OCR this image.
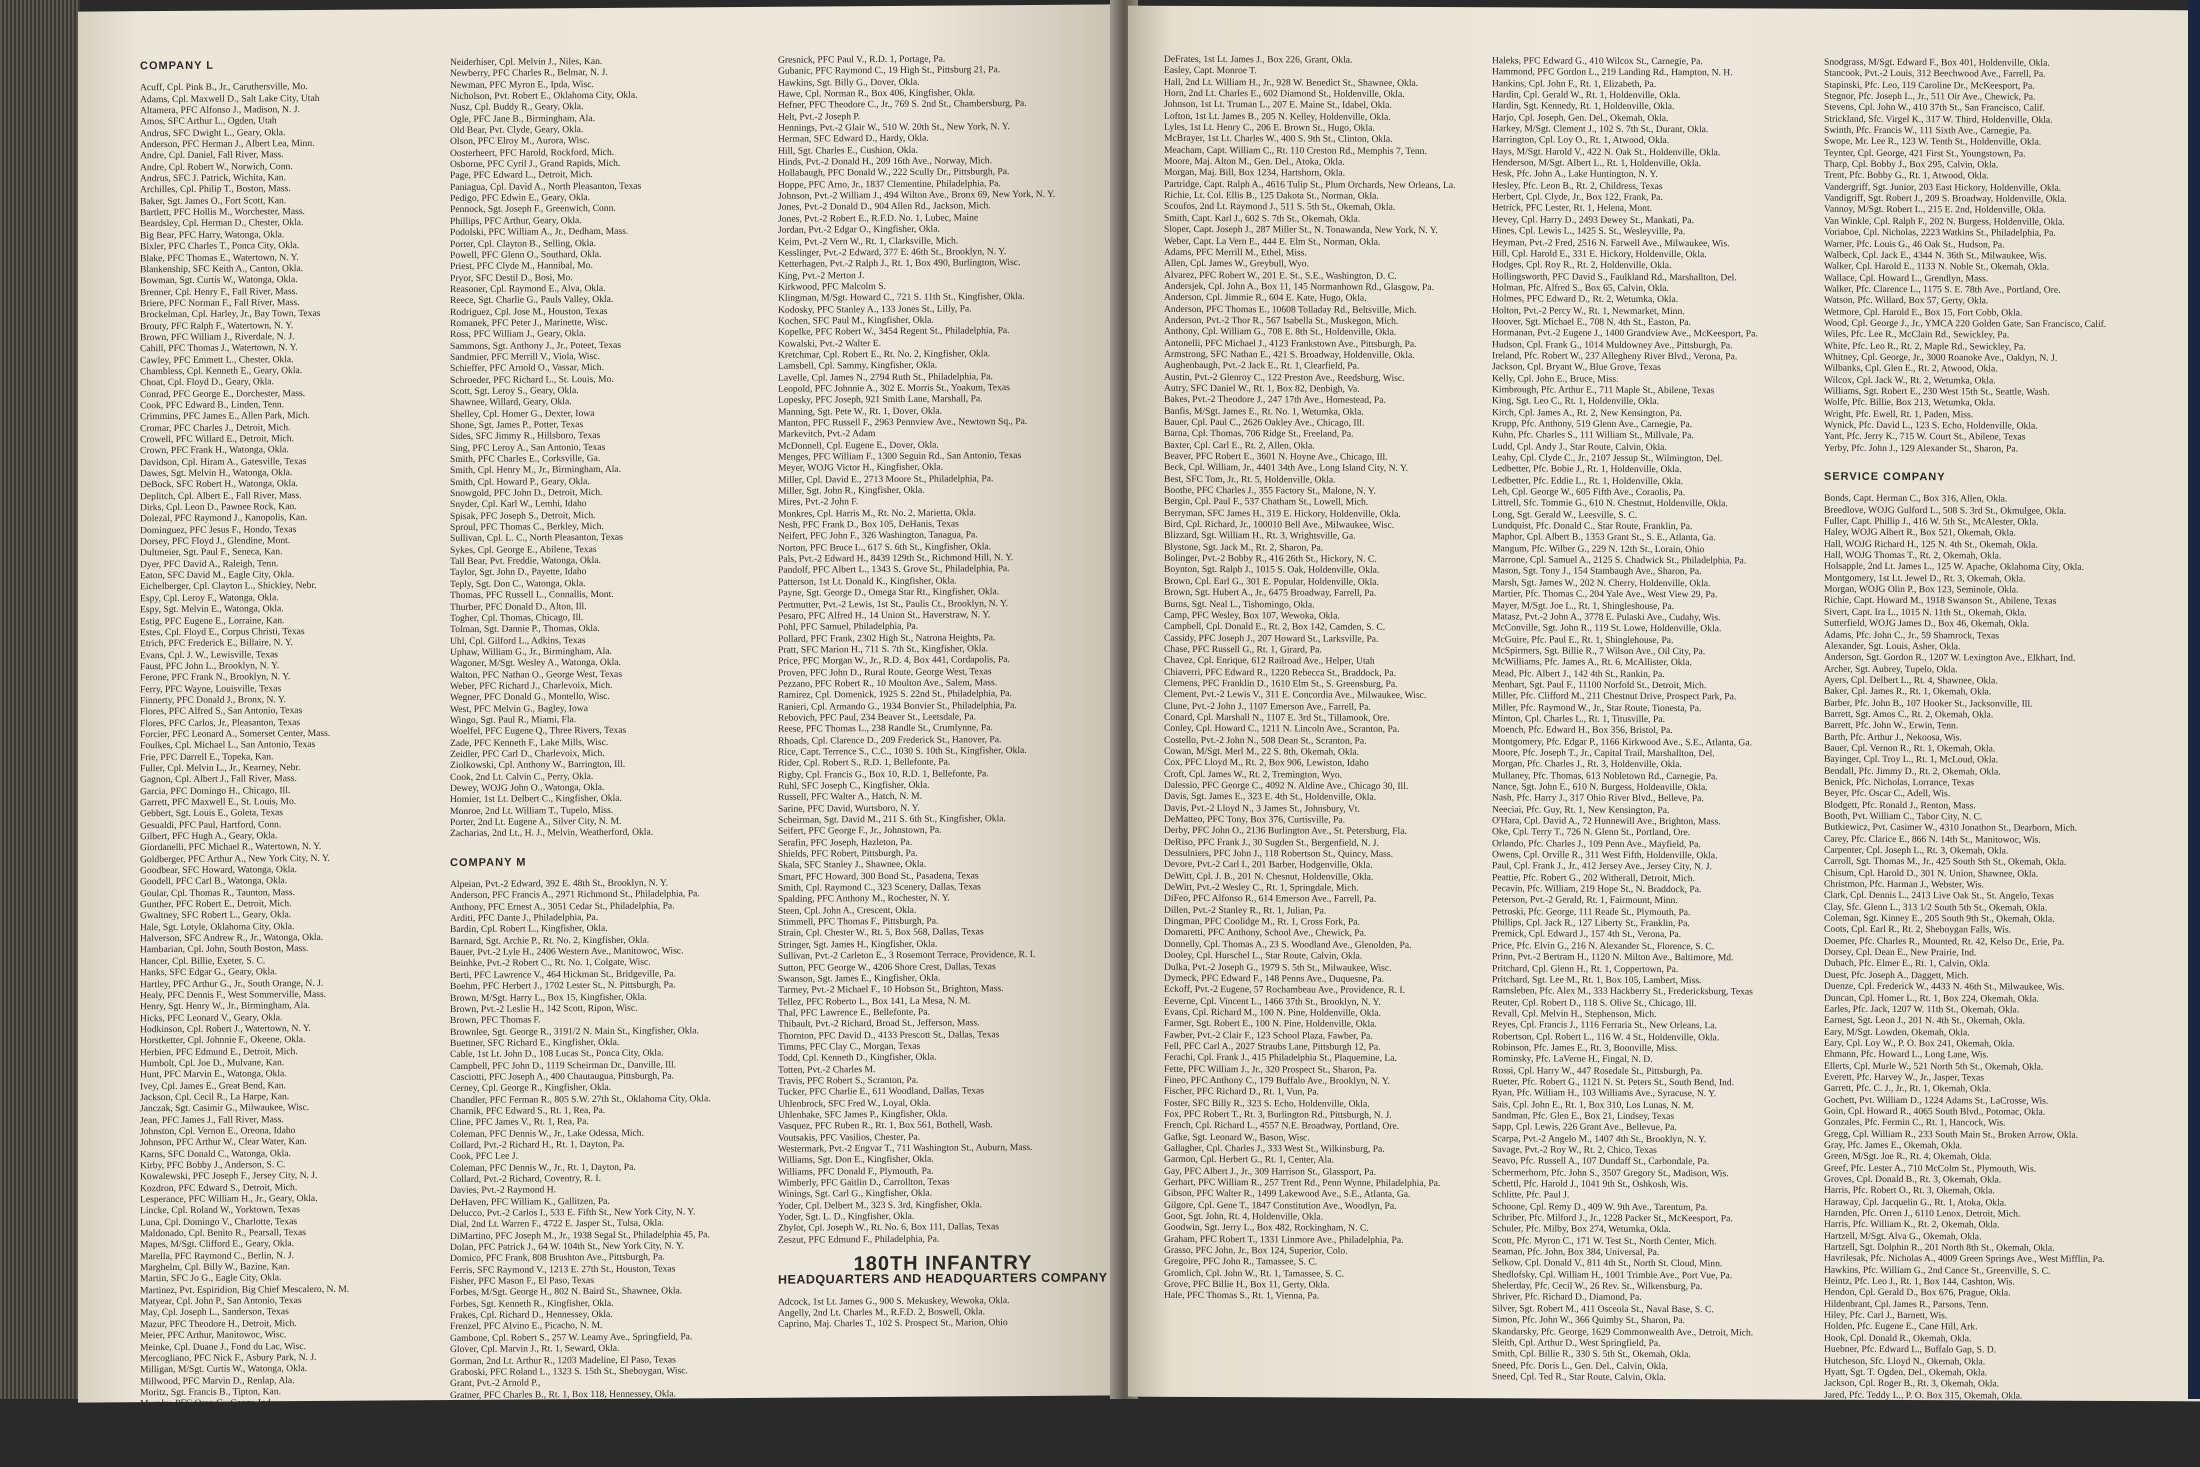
COMPANY L
Acuff, Cpl. Pink B., Jr., Caruthersville, Mo.
Adams, Cpl. Maxwell D., Salt Lake City, Utah
Altamera, PFC Alfonso J., Madison, N. J.
Amos, SFC Arthur L., Ogden, Utah
Andrus, SFC Dwight L., Geary, Okla.
Anderson, PFC Herman J., Albert Lea, Minn.
Andre, Cpl. Daniel, Fall River, Mass.
Andre, Cpl. Robert W., Norwich, Conn.
Andrus, SFC J. Patrick, Wichita, Kan.
Archilles, Cpl. Philip T., Boston, Mass.
Baker, Sgt. James O., Fort Scott, Kan.
Bartlett, PFC Hollis M., Worchester, Mass.
Beardsley, Cpl. Herman D., Chester, Okla.
Big Bear, PFC Harry, Watonga, Okla.
Bixler, PFC Charles T., Ponca City, Okla.
Blake, PFC Thomas E., Watertown, N. Y.
Blankenship, SFC Keith A., Canton, Okla.
Bowman, Sgt. Curtis W., Watonga, Okla.
Brenner, Cpl. Henry F., Fall River, Mass.
Briere, PFC Norman F., Fall River, Mass.
Brockelman, Cpl. Harley, Jr., Bay Town, Texas
Brouty, PFC Ralph F., Watertown, N. Y.
Brown, PFC William J., Riverdale, N. J.
Cahill, PFC Thomas J., Watertown, N. Y.
Cawley, PFC Emmett L., Chester, Okla.
Chambless, Cpl. Kenneth E., Geary, Okla.
Choat, Cpl. Floyd D., Geary, Okla.
Conrad, PFC George E., Dorchester, Mass.
Cook, PFC Edward B., Linden, Tenn.
Crimmins, PFC James E., Allen Park, Mich.
Cromar, PFC Charles J., Detroit, Mich.
Crowell, PFC Willard E., Detroit, Mich.
Crown, PFC Frank H., Watonga, Okla.
Davidson, Cpl. Hiram A., Gatesville, Texas
Dawes, Sgt. Melvin H., Watonga, Okla.
DeBock, SFC Robert H., Watonga, Okla.
Deplitch, Cpl. Albert E., Fall River, Mass.
Dirks, Cpl. Leon D., Pawnee Rock, Kan.
Dolezal, PFC Raymond J., Kanopolis, Kan.
Dominguez, PFC Jesus F., Hondo, Texas
Dorsey, PFC Floyd J., Glendine, Mont.
Dultmeier, Sgt. Paul F., Seneca, Kan.
Dyer, PFC David A., Raleigh, Tenn.
Eaton, SFC David M., Eagle City, Okla.
Eichelberger, Cpl. Clayton L., Shickley, Nebr.
Espy, Cpl. Leroy F., Watonga, Okla.
Espy, Sgt. Melvin E., Watonga, Okla.
Estig, PFC Eugene E., Lorraine, Kan.
Estes, Cpl. Floyd E., Corpus Christi, Texas
Etrich, PFC Frederick E., Billaire, N. Y.
Evans, Cpl. J. W., Lewisville, Texas
Faust, PFC John L., Brooklyn, N. Y.
Ferone, PFC Frank N., Brooklyn, N. Y.
Ferry, PFC Wayne, Louisville, Texas
Finnerty, PFC Donald J., Bronx, N. Y.
Flores, PFC Alfred S., San Antonio, Texas
Flores, PFC Carlos, Jr., Pleasanton, Texas
Forcier, PFC Leonard A., Somerset Center, Mass.
Foulkes, Cpl. Michael L., San Antonio, Texas
Frie, PFC Darrell E., Topeka, Kan.
Fuller, Cpl. Melvin L., Jr., Kearney, Nebr.
Gagnon, Cpl. Albert J., Fall River, Mass.
Garcia, PFC Domingo H., Chicago, Ill.
Garrett, PFC Maxwell E., St. Louis, Mo.
Gebbert, Sgt. Louis E., Goleta, Texas
Gesualdi, PFC Paul, Hartford, Conn.
Gilbert, PFC Hugh A., Geary, Okla.
Giordanelli, PFC Michael R., Watertown, N. Y.
Goldberger, PFC Arthur A., New York City, N. Y.
Goodbear, SFC Howard, Watonga, Okla.
Goodell, PFC Carl B., Watonga, Okla.
Goular, Cpl. Thomas R., Taunton, Mass.
Gunther, PFC Robert E., Detroit, Mich.
Gwaltney, SFC Robert L., Geary, Okla.
Hale, Sgt. Lotyle, Oklahoma City, Okla.
Halverson, SFC Andrew R., Jr., Watonga, Okla.
Hambarian, Cpl. John, South Boston, Mass.
Hancer, Cpl. Billie, Exeter, S. C.
Hanks, SFC Edgar G., Geary, Okla.
Hartley, PFC Arthur G., Jr., South Orange, N. J.
Healy, PFC Dennis F., West Sommerville, Mass.
Henry, Sgt. Henry W., Jr., Birmingham, Ala.
Hicks, PFC Leonard V., Geary, Okla.
Hodkinson, Cpl. Robert J., Watertown, N. Y.
Horstketter, Cpl. Johnnie F., Okeene, Okla.
Herbien, PFC Edmund E., Detroit, Mich.
Humbolt, Cpl. Joe D., Mulvane, Kan.
Hunt, PFC Marvin E., Watonga, Okla.
Ivey, Cpl. James E., Great Bend, Kan.
Jackson, Cpl. Cecil R., La Harpe, Kan.
Janczak, Sgt. Casimir G., Milwaukee, Wisc.
Jean, PFC James J., Fall River, Mass.
Johnston, Cpl. Vernon E., Oreona, Idaho
Johnson, PFC Arthur W., Clear Water, Kan.
Karns, SFC Donald C., Watonga, Okla.
Kirby, PFC Bobby J., Anderson, S. C.
Kowalewski, PFC Joseph F., Jersey City, N. J.
Kozdron, PFC Edward S., Detroit, Mich.
Lesperance, PFC William H., Jr., Geary, Okla.
Lincke, Cpl. Roland W., Yorktown, Texas
Luna, Cpl. Domingo V., Charlotte, Texas
Maldonado, Cpl. Benito R., Pearsall, Texas
Mapes, M/Sgt. Clifford E., Geary, Okla.
Marella, PFC Raymond C., Berlin, N. J.
Marghelm, Cpl. Billy W., Bazine, Kan.
Martin, SFC Jo G., Eagle City, Okla.
Martinez, Pvt. Espiridion, Big Chief Mescalero, N. M.
Matyear, Cpl. John P., San Antonio, Texas
May, Cpl. Joseph L., Sanderson, Texas
Mazur, PFC Theodore H., Detroit, Mich.
Meier, PFC Arthur, Manitowoc, Wisc.
Meinke, Cpl. Duane J., Fond du Lac, Wisc.
Mercogliano, PFC Nick F., Asbury Park, N. J.
Milligan, M/Sgt. Curtis W., Watonga, Okla.
Millwood, PFC Marvin D., Renlap, Ala.
Moritz, Sgt. Francis B., Tipton, Kan.
Murphy, PFC Oran G., Geary, Ind.
McAfee, SFC William K., Royal Oaks, Mich.
McCarthy, PFC Vernon G., Oxford, Wisc.
McParland, Cpl. Bernard J., Manchester, Conn.
McPherson, PFC Milton M., Beatrice, Ala.
McWilliams, Cpl. Glenn L., Hondo, Texas
Neiderhiser, Cpl. Melvin J., Niles, Kan.
Newberry, PFC Charles R., Belmar, N. J.
Newman, PFC Myron E., Ipda, Wisc.
Nicholson, Pvt. Robert E., Oklahoma City, Okla.
Nusz, Cpl. Buddy R., Geary, Okla.
Ogle, PFC Jane B., Birmingham, Ala.
Old Bear, Pvt. Clyde, Geary, Okla.
Olson, PFC Elroy M., Aurora, Wisc.
Oosterheert, PFC Harold, Rockford, Mich.
Osborne, PFC Cyril J., Grand Rapids, Mich.
Page, PFC Edward L., Detroit, Mich.
Paniagua, Cpl. David A., North Pleasanton, Texas
Pedigo, PFC Edwin E., Geary, Okla.
Pennock, Sgt. Joseph F., Greenwich, Conn.
Phillips, PFC Arthur, Geary, Okla.
Podolski, PFC William A., Jr., Dedham, Mass.
Porter, Cpl. Clayton B., Selling, Okla.
Powell, PFC Glenn O., Southard, Okla.
Priest, PFC Clyde M., Hannibal, Mo.
Pryor, SFC Destil D., Bosi, Mo.
Reasoner, Cpl. Raymond E., Alva, Okla.
Reece, Sgt. Charlie G., Pauls Valley, Okla.
Rodriguez, Cpl. Jose M., Houston, Texas
Romanek, PFC Peter J., Marinette, Wisc.
Ross, PFC William J., Geary, Okla.
Sammons, Sgt. Anthony J., Jr., Poteet, Texas
Sandmier, PFC Merrill V., Viola, Wisc.
Schieffer, PFC Arnold O., Vassar, Mich.
Schroeder, PFC Richard L., St. Louis, Mo.
Scott, Sgt. Leroy S., Geary, Okla.
Shawnee, Willard, Geary, Okla.
Shelley, Cpl. Homer G., Dexter, Iowa
Shone, Sgt. James P., Potter, Texas
Sides, SFC Jimmy R., Hillsboro, Texas
Sing, PFC Leroy A., San Antonio, Texas
Smith, PFC Charles E., Corksville, Ga.
Smith, Cpl. Henry M., Jr., Birmingham, Ala.
Smith, Cpl. Howard P., Geary, Okla.
Snowgold, PFC John D., Detroit, Mich.
Snyder, Cpl. Karl W., Lemhi, Idaho
Spisak, PFC Joseph S., Detroit, Mich.
Sproul, PFC Thomas C., Berkley, Mich.
Sullivan, Cpl. L. C., North Pleasanton, Texas
Sykes, Cpl. George E., Abilene, Texas
Tall Bear, Pvt. Freddie, Watonga, Okla.
Taylor, Sgt. John D., Payette, Idaho
Teply, Sgt. Don C., Watonga, Okla.
Thomas, PFC Russell L., Connallis, Mont.
Thurber, PFC Donald D., Alton, Ill.
Togher, Cpl. Thomas, Chicago, Ill.
Tolman, Sgt. Dannie P., Thomas, Okla.
Uhl, Cpl. Gilford L., Adkins, Texas
Uphaw, William G., Jr., Birmingham, Ala.
Wagoner, M/Sgt. Wesley A., Watonga, Okla.
Walton, PFC Nathan O., George West, Texas
Weber, PFC Richard J., Charlevoix, Mich.
Wegner, PFC Donald G., Montello, Wisc.
West, PFC Melvin G., Bagley, Iowa
Wingo, Sgt. Paul R., Miami, Fla.
Woelfel, PFC Eugene Q., Three Rivers, Texas
Zade, PFC Kenneth F., Lake Mills, Wisc.
Zeidler, PFC Carl D., Charlevoix, Mich.
Ziolkowski, Cpl. Anthony W., Barrington, Ill.
Cook, 2nd Lt. Calvin C., Perry, Okla.
Dewey, WOJG John O., Watonga, Okla.
Homier, 1st Lt. Delbert C., Kingfisher, Okla.
Monroe, 2nd Lt. William T., Tupelo, Miss.
Porter, 2nd Lt. Eugene A., Silver City, N. M.
Zacharias, 2nd Lt., H. J., Melvin, Weatherford, Okla.
COMPANY M
Alpeian, Pvt.-2 Edward, 392 E. 48th St., Brooklyn, N. Y.
Anderson, PFC Francis A., 2971 Richmond St., Philadelphia, Pa.
Anthony, PFC Ernest A., 3051 Cedar St., Philadelphia, Pa.
Arditi, PFC Dante J., Philadelphia, Pa.
Bardin, Cpl. Robert L., Kingfisher, Okla.
Barnard, Sgt. Archie P., Rt. No. 2, Kingfisher, Okla.
Bauer, Pvt.-2 Lyle H., 2406 Western Ave., Manitowoc, Wisc.
Beinhke, Pvt.-2 Robert C., Rt. No. 1, Colgate, Wisc.
Berti, PFC Lawrence V., 464 Hickman St., Bridgeville, Pa.
Boehm, PFC Herbert J., 1702 Lester St., N. Pittsburgh, Pa.
Brown, M/Sgt. Harry L., Box 15, Kingfisher, Okla.
Brown, Pvt.-2 Leslie H., 142 Scott, Ripon, Wisc.
Brown, PFC Thomas F.
Brownlee, Sgt. George R., 3191/2 N. Main St., Kingfisher, Okla.
Buettner, SFC Richard E., Kingfisher, Okla.
Cable, 1st Lt. John D., 108 Lucas St., Ponca City, Okla.
Campbell, PFC John D., 1119 Scheirman Dr., Danville, Ill.
Casciotti, PFC Joseph A., 400 Chautaugua, Pittsburgh, Pa.
Cerney, Cpl. George R., Kingfisher, Okla.
Chandler, PFC Ferman R., 805 S.W. 27th St., Oklahoma City, Okla.
Charnik, PFC Edward S., Rt. 1, Rea, Pa.
Cline, PFC James V., Rt. 1, Rea, Pa.
Coleman, PFC Dennis W., Jr., Lake Odessa, Mich.
Collard, Pvt.-2 Richard H., Rt. 1, Dayton, Pa.
Cook, PFC Lee J.
Coleman, PFC Dennis W., Jr., Rt. 1, Dayton, Pa.
Collard, Pvt.-2 Richard, Coventry, R. I.
Davies, Pvt.-2 Raymond H.
DeHaven, PFC William K., Gallitzen, Pa.
Delucco, Pvt.-2 Carlos I., 533 E. Fifth St., New York City, N. Y.
Dial, 2nd Lt. Warren F., 4722 E. Jasper St., Tulsa, Okla.
DiMartino, PFC Joseph M., Jr., 1938 Segal St., Philadelphia 45, Pa.
Dolan, PFC Patrick J., 64 W. 104th St., New York City, N. Y.
Domico, PFC Frank, 808 Brushton Ave., Pittsburgh, Pa.
Ferris, SFC Raymond V., 1213 E. 27th St., Houston, Texas
Fisher, PFC Mason F., El Paso, Texas
Forbes, M/Sgt. George H., 802 N. Baird St., Shawnee, Okla.
Forbes, Sgt. Kenneth R., Kingfisher, Okla.
Frakes, Cpl. Richard D., Hennessey, Okla.
Frenzel, PFC Alvino E., Picacho, N. M.
Gambone, Cpl. Robert S., 257 W. Leamy Ave., Springfield, Pa.
Glover, Cpl. Marvin J., Rt. 1, Seward, Okla.
Gorman, 2nd Lt. Arthur R., 1203 Madeline, El Paso, Texas
Graboski, PFC Roland L., 1323 S. 15th St., Sheboygan, Wisc.
Grant, Pvt.-2 Arnold P.,
Gratner, PFC Charles B., Rt. 1, Box 118, Hennessey, Okla.
Green, Pvt.-2 Clifford L., Rt. 2, Waupaca, Wisc.
Green, Pvt.-2 Richard R.
Gresnick, PFC Paul V., R.D. 1, Portage, Pa.
Gubanic, PFC Raymond C., 19 High St., Pittsburg 21, Pa.
Hawkins, Sgt. Billy G., Dover, Okla.
Hawe, Cpl. Norman R., Box 406, Kingfisher, Okla.
Hefner, PFC Theodore C., Jr., 769 S. 2nd St., Chambersburg, Pa.
Helt, Pvt.-2 Joseph P.
Hennings, Pvt.-2 Glair W., 510 W. 20th St., New York, N. Y.
Herman, SFC Edward D., Hardy, Okla.
Hill, Sgt. Charles E., Cushion, Okla.
Hinds, Pvt.-2 Donald H., 209 16th Ave., Norway, Mich.
Hollabaugh, PFC Donald W., 222 Scully Dr., Pittsburgh, Pa.
Hoppe, PFC Arno, Jr., 1837 Clementine, Philadelphia, Pa.
Johnson, Pvt.-2 William J., 494 Wilton Ave., Bronx 69, New York, N. Y.
Jones, Pvt.-2 Donald D., 904 Allen Rd., Jackson, Mich.
Jones, Pvt.-2 Robert E., R.F.D. No. 1, Lubec, Maine
Jordan, Pvt.-2 Edgar O., Kingfisher, Okla.
Keim, Pvt.-2 Vern W., Rt. 1, Clarksville, Mich.
Kesslinger, Pvt.-2 Edward, 377 E. 46th St., Brooklyn, N. Y.
Ketterhagen, Pvt.-2 Ralph J., Rt. 1, Box 490, Burlington, Wisc.
King, Pvt.-2 Merton J.
Kirkwood, PFC Malcolm S.
Klingman, M/Sgt. Howard C., 721 S. 11th St., Kingfisher, Okla.
Kodosky, PFC Stanley A., 133 Jones St., Lilly, Pa.
Kochen, SFC Paul M., Kingfisher, Okla.
Kopelke, PFC Robert W., 3454 Regent St., Philadelphia, Pa.
Kowalski, Pvt.-2 Walter E.
Kretchmar, Cpl. Robert E., Rt. No. 2, Kingfisher, Okla.
Lamsbell, Cpl. Sammy, Kingfisher, Okla.
Lavelle, Cpl. James N., 2794 Ruth St., Philadelphia, Pa.
Leopold, PFC Johnnie A., 302 E. Morris St., Yoakum, Texas
Lopesky, PFC Joseph, 921 Smith Lane, Marshall, Pa.
Manning, Sgt. Pete W., Rt. 1, Dover, Okla.
Manton, PFC Russell F., 2963 Pennview Ave., Newtown Sq., Pa.
Markevitch, Pvt.-2 Adam
McDonnell, Cpl. Eugene E., Dover, Okla.
Menges, PFC William F., 1300 Seguin Rd., San Antonio, Texas
Meyer, WOJG Victor H., Kingfisher, Okla.
Miller, Cpl. David E., 2713 Moore St., Philadelphia, Pa.
Miller, Sgt. John R., Kingfisher, Okla.
Mires, Pvt.-2 John F.
Monkres, Cpl. Harris M., Rt. No. 2, Marietta, Okla.
Nesh, PFC Frank D., Box 105, DeHanis, Texas
Neifert, PFC John F., 326 Washington, Tanagua, Pa.
Norton, PFC Bruce L., 617 S. 6th St., Kingfisher, Okla.
Pals, Pvt.-2 Edward H., 8439 129th St., Richmond Hill, N. Y.
Pandolf, PFC Albert L., 1343 S. Grove St., Philadelphia, Pa.
Patterson, 1st Lt. Donald K., Kingfisher, Okla.
Payne, Sgt. George D., Omega Star Rt., Kingfisher, Okla.
Pertmutter, Pvt.-2 Lewis, 1st St., Paulis Ct., Brooklyn, N. Y.
Pesaro, PFC Alfred H., 14 Union St., Haverstraw, N. Y.
Pohl, PFC Samuel, Philadelphia, Pa.
Pollard, PFC Frank, 2302 High St., Natrona Heights, Pa.
Pratt, SFC Marion H., 711 S. 7th St., Kingfisher, Okla.
Price, PFC Morgan W., Jr., R.D. 4, Box 441, Cordapolis, Pa.
Proven, PFC John D., Rural Route, George West, Texas
Pezzano, PFC Robert R., 10 Moulton Ave., Salem, Mass.
Ramirez, Cpl. Domenick, 1925 S. 22nd St., Philadelphia, Pa.
Ranieri, Cpl. Armando G., 1934 Bonvier St., Philadelphia, Pa.
Rebovich, PFC Paul, 234 Beaver St., Leetsdale, Pa.
Reese, PFC Thomas L., 238 Randle St., Crumlynne, Pa.
Rhoads, Cpl. Clarence D., 209 Frederick St., Hanover, Pa.
Rice, Capt. Terrence S., C.C., 1030 S. 10th St., Kingfisher, Okla.
Rider, Cpl. Robert S., R.D. 1, Bellefonte, Pa.
Rigby, Cpl. Francis G., Box 10, R.D. 1, Bellefonte, Pa.
Ruhl, SFC Joseph C., Kingfisher, Okla.
Russell, PFC Walter A., Hatch, N. M.
Sarine, PFC David, Wurtsboro, N. Y.
Scheirman, Sgt. David M., 211 S. 6th St., Kingfisher, Okla.
Seifert, PFC George F., Jr., Johnstown, Pa.
Serafin, PFC Joseph, Hazleton, Pa.
Shields, PFC Robert, Pittsburgh, Pa.
Skala, SFC Stanley J., Shawnee, Okla.
Smart, PFC Howard, 300 Bond St., Pasadena, Texas
Smith, Cpl. Raymond C., 323 Scenery, Dallas, Texas
Spalding, PFC Anthony M., Rochester, N. Y.
Steen, Cpl. John A., Crescent, Okla.
Stimmell, PFC Thomas F., Pittsburgh, Pa.
Strain, Cpl. Chester W., Rt. 5, Box 568, Dallas, Texas
Stringer, Sgt. James H., Kingfisher, Okla.
Sullivan, Pvt.-2 Carleton E., 3 Rosemont Terrace, Providence, R. I.
Sutton, PFC George W., 4206 Shore Crest, Dallas, Texas
Swanson, Sgt. James E., Kingfisher, Okla.
Tarmey, Pvt.-2 Michael F., 10 Hobson St., Brighton, Mass.
Tellez, PFC Roberto L., Box 141, La Mesa, N. M.
Thal, PFC Lawrence E., Bellefonte, Pa.
Thibault, Pvt.-2 Richard, Broad St., Jefferson, Mass.
Thornton, PFC David D., 4133 Prescott St., Dallas, Texas
Timms, PFC Clay C., Morgan, Texas
Todd, Cpl. Kenneth D., Kingfisher, Okla.
Totten, Pvt.-2 Charles M.
Travis, PFC Robert S., Scranton, Pa.
Tucker, PFC Charlie E., 611 Woodland, Dallas, Texas
Uhlenbrock, SFC Fred W., Loyal, Okla.
Uhlenhake, SFC James P., Kingfisher, Okla.
Vasquez, PFC Ruben R., Rt. 1, Box 561, Bothell, Wash.
Voutsakis, PFC Vasilios, Chester, Pa.
Westermark, Pvt.-2 Engvar T., 711 Washington St., Auburn, Mass.
Williams, Sgt. Don E., Kingfisher, Okla.
Williams, PFC Donald F., Plymouth, Pa.
Wimberly, PFC Gaitlin D., Carrollton, Texas
Winings, Sgt. Carl G., Kingfisher, Okla.
Yoder, Cpl. Delbert M., 323 S. 3rd, Kingfisher, Okla.
Yoder, Sgt. L. D., Kingfisher, Okla.
Zbylot, Cpl. Joseph W., Rt. No. 6, Box 111, Dallas, Texas
Zeszut, PFC Edmund F., Philadelphia, Pa.
180TH INFANTRY
HEADQUARTERS AND HEADQUARTERS COMPANY
Adcock, 1st Lt. James G., 900 S. Mekuskey, Wewoka, Okla.
Angelly, 2nd Lt. Charles M., R.F.D. 2, Boswell, Okla.
Caprino, Maj. Charles T., 102 S. Prospect St., Marion, Ohio
DeFrates, 1st Lt. James J., Box 226, Grant, Okla.
Easley, Capt. Monroe T.
Hall, 2nd Lt. William H., Jr., 928 W. Benedict St., Shawnee, Okla.
Horn, 2nd Lt. Charles E., 602 Diamond St., Holdenville, Okla.
Johnson, 1st Lt. Truman L., 207 E. Maine St., Idabel, Okla.
Lofton, 1st Lt. James B., 205 N. Kelley, Holdenville, Okla.
Lyles, 1st Lt. Henry C., 206 E. Brown St., Hugo, Okla.
McBrayer, 1st Lt. Charles W., 400 S. 9th St., Clinton, Okla.
Meacham, Capt. William C., Rt. 110 Creston Rd., Memphis 7, Tenn.
Moore, Maj. Alton M., Gen. Del., Atoka, Okla.
Morgan, Maj. Bill, Box 1234, Hartshorn, Okla.
Partridge, Capt. Ralph A., 4616 Tulip St., Plum Orchards, New Orleans, La.
Richie, Lt. Col. Ellis B., 125 Dakota St., Norman, Okla.
Scoufos, 2nd Lt. Raymond J., 511 S. 5th St., Okemah, Okla.
Smith, Capt. Karl J., 602 S. 7th St., Okemah, Okla.
Sloper, Capt. Joseph J., 287 Miller St., N. Tonawanda, New York, N. Y.
Weber, Capt. La Vern E., 444 E. Elm St., Norman, Okla.
Adams, PFC Merrill M., Ethel, Miss.
Allen, Cpl. James W., Greybull, Wyo.
Alvarez, PFC Robert W., 201 E. St., S.E., Washington, D. C.
Andersjek, Cpl. John A., Box 11, 145 Normanhown Rd., Glasgow, Pa.
Anderson, Cpl. Jimmie R., 604 E. Kate, Hugo, Okla.
Anderson, PFC Thomas E., 10608 Tolladay Rd., Beltsville, Mich.
Anderson, Pvt.-2 Thor R., 567 Isabella St., Muskegon, Mich.
Anthony, Cpl. William G., 708 E. 8th St., Holdenville, Okla.
Antonelli, PFC Michael J., 4123 Frankstown Ave., Pittsburgh, Pa.
Armstrong, SFC Nathan E., 421 S. Broadway, Holdenville, Okla.
Aughenbaugh, Pvt.-2 Jack E., Rt. 1, Clearfield, Pa.
Austin, Pvt.-2 Glenroy C., 122 Preston Ave., Reedsburg, Wisc.
Autry, SFC Daniel W., Rt. 1, Box 82, Denbigh, Va.
Bakes, Pvt.-2 Theodore J., 247 17th Ave., Homestead, Pa.
Banfis, M/Sgt. James E., Rt. No. 1, Wetumka, Okla.
Bauer, Cpl. Paul C., 2626 Oakley Ave., Chicago, Ill.
Barna, Cpl. Thomas, 706 Ridge St., Freeland, Pa.
Baxter, Cpl. Carl E., Rt. 2, Allen, Okla.
Beaver, PFC Robert E., 3601 N. Hoyne Ave., Chicago, Ill.
Beck, Cpl. William, Jr., 4401 34th Ave., Long Island City, N. Y.
Best, SFC Tom, Jr., Rt. 5, Holdenville, Okla.
Boothe, PFC Charles J., 355 Factory St., Malone, N. Y.
Bergin, Cpl. Paul F., 537 Chatham St., Lowell, Mich.
Berryman, SFC James H., 319 E. Hickory, Holdenville, Okla.
Bird, Cpl. Richard, Jr., 100010 Bell Ave., Milwaukee, Wisc.
Blizzard, Sgt. William H., Rt. 3, Wrightsville, Ga.
Blystone, Sgt. Jack M., Rt. 2, Sharon, Pa.
Bolinger, Pvt.-2 Bobby R., 416 26th St., Hickory, N. C.
Boynton, Sgt. Ralph J., 1015 S. Oak, Holdenville, Okla.
Brown, Cpl. Earl G., 301 E. Popular, Holdenville, Okla.
Brown, Sgt. Hubert A., Jr., 6475 Broadway, Farrell, Pa.
Burns, Sgt. Neal L., Tishomingo, Okla.
Camp, PFC Wesley, Box 107, Wewoka, Okla.
Campbell, Cpl. Donald E., Rt. 2, Box 142, Camden, S. C.
Cassidy, PFC Joseph J., 207 Howard St., Larksville, Pa.
Chase, PFC Russell G., Rt. 1, Girard, Pa.
Chavez, Cpl. Enrique, 612 Railroad Ave., Helper, Utah
Chiaverri, PFC Edward R., 1220 Rebecca St., Braddock, Pa.
Clemens, PFC Franklin D., 1610 Elm St., S. Greensburg, Pa.
Clement, Pvt.-2 Lewis V., 311 E. Concordia Ave., Milwaukee, Wisc.
Clune, Pvt.-2 John J., 1107 Emerson Ave., Farrell, Pa.
Conard, Cpl. Marshall N., 1107 E. 3rd St., Tillamook, Ore.
Conley, Cpl. Howard C., 1211 N. Lincoln Ave., Scranton, Pa.
Costello, Pvt.-2 John N., 508 Dean St., Scranton, Pa.
Cowan, M/Sgt. Merl M., 22 S. 8th, Okemah, Okla.
Cox, PFC Lloyd M., Rt. 2, Box 906, Lewiston, Idaho
Croft, Cpl. James W., Rt. 2, Tremington, Wyo.
Dalessio, PFC George C., 4092 N. Aldine Ave., Chicago 30, Ill.
Davis, Sgt. James E., 323 E. 4th St., Holdenville, Okla.
Davis, Pvt.-2 Lloyd N., 3 James St., Johnsbury, Vt.
DeMatteo, PFC Tony, Box 376, Curtisville, Pa.
Derby, PFC John O., 2136 Burlington Ave., St. Petersburg, Fla.
DeRiso, PFC Frank J., 30 Sugden St., Bergenfield, N. J.
Dessulniers, PFC John J., 118 Robertson St., Quincy, Mass.
Devore, Pvt.-2 Carl I., 201 Barber, Hodgenville, Okla.
DeWitt, Cpl. J. B., 201 N. Chesnut, Holdenville, Okla.
DeWitt, Pvt.-2 Wesley C., Rt. 1, Springdale, Mich.
DiFeo, PFC Alfonso R., 614 Emerson Ave., Farrell, Pa.
Dillen, Pvt.-2 Stanley R., Rt. 1, Julian, Pa.
Dingman, PFC Coolidge M., Rt. 1, Cross Fork, Pa.
Domaretti, PFC Anthony, School Ave., Chewick, Pa.
Donnelly, Cpl. Thomas A., 23 S. Woodland Ave., Glenolden, Pa.
Dooley, Cpl. Hurschel L., Star Route, Calvin, Okla.
Dulka, Pvt.-2 Joseph G., 1979 S. 5th St., Milwaukee, Wisc.
Dymeck, PFC Edward F., 148 Penns Ave., Duquesne, Pa.
Eckoff, Pvt.-2 Eugene, 57 Rochambeau Ave., Providence, R. I.
Eeverne, Cpl. Vincent L., 1466 37th St., Brooklyn, N. Y.
Evans, Cpl. Richard M., 100 N. Pine, Holdenville, Okla.
Farmer, Sgt. Robert E., 100 N. Pine, Holdenville, Okla.
Fawber, Pvt.-2 Clair F., 123 School Plaza, Fawber, Pa.
Fell, PFC Carl A., 2027 Straubs Lane, Pittsburgh 12, Pa.
Ferachi, Cpl. Frank J., 415 Philadelphia St., Plaquemine, La.
Fette, PFC William J., Jr., 320 Prospect St., Sharon, Pa.
Fineo, PFC Anthony C., 179 Buffalo Ave., Brooklyn, N. Y.
Fischer, PFC Richard D., Rt. 1, Vun, Pa.
Foster, SFC Billy R., 323 S. Echo, Holdenville, Okla.
Fox, PFC Robert T., Rt. 3, Burlington Rd., Pittsburgh, N. J.
French, Cpl. Richard L., 4557 N.E. Broadway, Portland, Ore.
Gafke, Sgt. Leonard W., Bason, Wisc.
Gallagher, Cpl. Charles J., 333 West St., Wilkinsburg, Pa.
Garmon, Cpl. Herbert G., Rt. 1, Center, Ala.
Gay, PFC Albert J., Jr., 309 Harrison St., Glassport, Pa.
Gerhart, PFC William R., 257 Trent Rd., Penn Wynne, Philadelphia, Pa.
Gibson, PFC Walter R., 1499 Lakewood Ave., S.E., Atlanta, Ga.
Gilgore, Cpl. Gene T., 1847 Constitution Ave., Woodlyn, Pa.
Goot, Sgt. John, Rt. 4, Holdenville, Okla.
Goodwin, Sgt. Jerry L., Box 482, Rockingham, N. C.
Graham, PFC Robert T., 1331 Linmore Ave., Philadelphia, Pa.
Grasso, PFC John, Jr., Box 124, Superior, Colo.
Gregoire, PFC John R., Tamassee, S. C.
Gromlich, Cpl. John W., Rt. 1, Tamassee, S. C.
Grove, PFC Billie H., Box 11, Gerty, Okla.
Hale, PFC Thomas S., Rt. 1, Vienna, Pa.
Haleks, PFC Edward G., 410 Wilcox St., Carnegie, Pa.
Hammond, PFC Gordon L., 219 Landing Rd., Hampton, N. H.
Hankins, Cpl. John F., Rt. 1, Elizabeth, Pa.
Hardin, Cpl. Gerald W., Rt. 1, Holdenville, Okla.
Hardin, Sgt. Kennedy, Rt. 1, Holdenville, Okla.
Harjo, Cpl. Joseph, Gen. Del., Okemah, Okla.
Harkey, M/Sgt. Clement J., 102 S. 7th St., Durant, Okla.
Harrington, Cpl. Loy O., Rt. 1, Atwood, Okla.
Hays, M/Sgt. Harold V., 422 N. Oak St., Holdenville, Okla.
Henderson, M/Sgt. Albert L., Rt. 1, Holdenville, Okla.
Hesk, Pfc. John A., Lake Huntington, N. Y.
Hesley, Pfc. Leon B., Rt. 2, Childress, Texas
Herbert, Cpl. Clyde, Jr., Box 122, Frank, Pa.
Hetrick, PFC Lester, Rt. 1, Helena, Mont.
Hevey, Cpl. Harry D., 2493 Dewey St., Mankati, Pa.
Hines, Cpl. Lewis L., 1425 S. St., Wesleyville, Pa.
Heyman, Pvt.-2 Fred, 2516 N. Farwell Ave., Milwaukee, Wis.
Hill, Cpl. Harold E., 331 E. Hickory, Holdenville, Okla.
Hodges, Cpl. Roy R., Rt. 2, Holdenville, Okla.
Hollingsworth, PFC David S., Faulkland Rd., Marshallton, Del.
Holman, Pfc. Alfred S., Box 65, Calvin, Okla.
Holmes, PFC Edward D., Rt. 2, Wetumka, Okla.
Holton, Pvt.-2 Percy W., Rt. 1, Newmarket, Minn.
Hoover, Sgt. Michael E., 708 N. 4th St., Easton, Pa.
Hormanan, Pvt.-2 Eugene J., 1400 Grandview Ave., McKeesport, Pa.
Hudson, Cpl. Frank G., 1014 Muldowney Ave., Pittsburgh, Pa.
Ireland, Pfc. Robert W., 237 Allegheny River Blvd., Verona, Pa.
Jackson, Cpl. Bryant W., Blue Grove, Texas
Kelly, Cpl. John E., Bruce, Miss.
Kimbrough, Pfc. Arthur E., 711 Maple St., Abilene, Texas
King, Sgt. Leo C., Rt. 1, Holdenville, Okla.
Kirch, Cpl. James A., Rt. 2, New Kensington, Pa.
Krupp, Pfc. Anthony, 519 Glenn Ave., Carnegie, Pa.
Kuhn, Pfc. Charles S., 111 William St., Millvale, Pa.
Ludd, Cpl. Andy J., Star Route, Calvin, Okla.
Leahy, Cpl. Clyde C., Jr., 2107 Jessup St., Wilmington, Del.
Ledbetter, Pfc. Bobie J., Rt. 1, Holdenville, Okla.
Ledbetter, Pfc. Eddie L., Rt. 1, Holdenville, Okla.
Leh, Cpl. George W., 605 Fifth Ave., Coraolis, Pa.
Littrell, Sfc. Tommie G., 610 N. Chestnut, Holdenville, Okla.
Long, Sgt. Gerald W., Leesville, S. C.
Lundquist, Pfc. Donald C., Star Route, Franklin, Pa.
Maphor, Cpl. Albert B., 1353 Grant St., S. E., Atlanta, Ga.
Mangum, Pfc. Wilber G., 229 N. 12th St., Lorain, Ohio
Marrone, Cpl. Samuel A., 2125 S. Chadwick St., Philadelphia, Pa.
Mason, Sgt. Tony J., 154 Stambaugh Ave., Sharon, Pa.
Marsh, Sgt. James W., 202 N. Cherry, Holdenville, Okla.
Martier, Pfc. Thomas C., 204 Yale Ave., West View 29, Pa.
Mayer, M/Sgt. Joe L., Rt. 1, Shingleshouse, Pa.
Matasz, Pvt.-2 John A., 3778 E. Pulaski Ave., Cudahy, Wis.
McConville, Sgt. John R., 119 St. Lowe, Holdenville, Okla.
McGuire, Pfc. Paul E., Rt. 1, Shinglehouse, Pa.
McSpirmers, Sgt. Billie R., 7 Wilson Ave., Oil City, Pa.
McWilliams, Pfc. James A., Rt. 6, McAllister, Okla.
Mead, Pfc. Albert J., 142 4th St., Rankin, Pa.
Menhart, Sgt. Paul F., 11100 Norfold St., Detroit, Mich.
Miller, Pfc. Clifford M., 211 Chestnut Drive, Prospect Park, Pa.
Miller, Pfc. Raymond W., Jr., Star Route, Tionesta, Pa.
Minton, Cpl. Charles L., Rt. 1, Titusville, Pa.
Moench, Pfc. Edward H., Box 356, Bristol, Pa.
Montgomery, Pfc. Edgar P., 1166 Kirkwood Ave., S.E., Atlanta, Ga.
Moore, Pfc. Joseph T., Jr., Capital Trail, Marshallton, Del.
Morgan, Pfc. Charles J., Rt. 3, Holdenville, Okla.
Mullaney, Pfc. Thomas, 613 Nobletown Rd., Carnegie, Pa.
Nance, Sgt. John E., 610 N. Burgess, Holdenville, Okla.
Nash, Pfc. Harry J., 317 Ohio River Blvd., Belleve, Pa.
Neeciai, Pfc. Guy, Rt. 1, New Kensington, Pa.
O'Hara, Cpl. David A., 72 Hunnewill Ave., Brighton, Mass.
Oke, Cpl. Terry T., 726 N. Glenn St., Portland, Ore.
Orlando, Pfc. Charles J., 109 Penn Ave., Mayfield, Pa.
Owens, Cpl. Orville R., 311 West Fifth, Holdenville, Okla.
Paul, Cpl. Frank J., Jr., 412 Jersey Ave., Jersey City, N. J.
Peattie, Pfc. Robert G., 202 Witherall, Detroit, Mich.
Pecavin, Pfc. William, 219 Hope St., N. Braddock, Pa.
Peterson, Pvt.-2 Gerald, Rt. 1, Fairmount, Minn.
Petroski, Pfc. George, 111 Reade St., Plymouth, Pa.
Phillips, Cpl. Jack R., 127 Liberty St., Franklin, Pa.
Premick, Cpl. Edward J., 157 4th St., Verona, Pa.
Price, Pfc. Elvin G., 216 N. Alexander St., Florence, S. C.
Prinn, Pvt.-2 Bertram H., 1120 N. Milton Ave., Baltimore, Md.
Pritchard, Cpl. Glenn H., Rt. 1, Coppertown, Pa.
Pritchard, Sgt. Lee M., Rt. 1, Box 105, Lambert, Miss.
Ramsleben, Pfc. Alex M., 333 Hackberry St., Fredericksburg, Texas
Reuter, Cpl. Robert D., 118 S. Olive St., Chicago, Ill.
Revall, Cpl. Melvin H., Stephenson, Mich.
Reyes, Cpl. Francis J., 1116 Ferraria St., New Orleans, La.
Robertson, Cpl. Robert L., 116 W. 4 St., Holdenville, Okla.
Robinson, Pfc. James E., Rt. 3, Boonville, Miss.
Rominsky, Pfc. LaVerne H., Fingal, N. D.
Rossi, Cpl. Harry W., 447 Rosedale St., Pittsburgh, Pa.
Rueter, Pfc. Robert G., 1121 N. St. Peters St., South Bend, Ind.
Ryan, Pfc. William H., 103 Williams Ave., Syracuse, N. Y.
Sais, Cpl. John E., Rt. 1, Box 310, Los Lunas, N. M.
Sandman, Pfc. Glen E., Box 21, Lindsey, Texas
Sapp, Cpl. Lewis, 226 Grant Ave., Bellevue, Pa.
Scarpa, Pvt.-2 Angelo M., 1407 4th St., Brooklyn, N. Y.
Savage, Pvt.-2 Roy W., Rt. 2, Chico, Texas
Seavo, Pfc. Russell A., 107 Dundaff St., Carbondale, Pa.
Schermerhorn, Pfc. John S., 3507 Gregory St., Madison, Wis.
Schettl, Pfc. Harold J., 1041 9th St., Oshkosh, Wis.
Schlitte, Pfc. Paul J.
Schoone, Cpl. Remy D., 409 W. 9th Ave., Tarentum, Pa.
Schriber, Pfc. Milford J., Jr., 1228 Packer St., McKeesport, Pa.
Schuler, Pfc. Milby, Box 274, Wetumka, Okla.
Scott, Pfc. Myron C., 171 W. Test St., North Center, Mich.
Seaman, Pfc. John, Box 384, Universal, Pa.
Selkow, Cpl. Donald V., 811 4th St., North St. Cloud, Minn.
Shedlofsky, Cpl. William H., 1001 Trimble Ave., Port Vue, Pa.
Shelerday, Pfc. Cecil W., 26 Rev. St., Wilkensburg, Pa.
Shriver, Pfc. Richard D., Diamond, Pa.
Silver, Sgt. Robert M., 411 Osceola St., Naval Base, S. C.
Simon, Pfc. John W., 366 Quimby St., Sharon, Pa.
Skandarsky, Pfc. George, 1629 Commonwealth Ave., Detroit, Mich.
Sleith, Cpl. Arthur D., West Springfield, Pa.
Smith, Cpl. Billie R., 330 S. 5th St., Okemah, Okla.
Sneed, Pfc. Doris L., Gen. Del., Calvin, Okla.
Sneed, Cpl. Ted R., Star Route, Calvin, Okla.
Snodgrass, M/Sgt. Edward F., Box 401, Holdenville, Okla.
Stancook, Pvt.-2 Louis, 312 Beechwood Ave., Farrell, Pa.
Stapinski, Pfc. Leo, 119 Caroline Dr., McKeesport, Pa.
Stegnor, Pfc. Joseph L., Jr., 511 Oir Ave., Chewick, Pa.
Stevens, Cpl. John W., 410 37th St., San Francisco, Calif.
Strickland, Sfc. Virgel K., 317 W. Third, Holdenville, Okla.
Swinth, Pfc. Francis W., 111 Sixth Ave., Carnegie, Pa.
Swope, Mr. Lee R., 123 W. Tenth St., Holdenville, Okla.
Teynter, Cpl. George, 421 First St., Youngstown, Pa.
Tharp, Cpl. Bobby J., Box 295, Calvin, Okla.
Trent, Pfc. Bobby G., Rt. 1, Atwood, Okla.
Vandergriff, Sgt. Junior, 203 East Hickory, Holdenville, Okla.
Vandigriff, Sgt. Robert J., 209 S. Broadway, Holdenville, Okla.
Vannoy, M/Sgt. Robert L., 215 E. 2nd, Holdenville, Okla.
Van Winkle, Cpl. Ralph F., 202 N. Burgess, Holdenville, Okla.
Voriaboe, Cpl. Nicholas, 2223 Watkins St., Philadelphia, Pa.
Warner, Pfc. Louis G., 46 Oak St., Hudson, Pa.
Walbeck, Cpl. Jack E., 4344 N. 36th St., Milwaukee, Wis.
Walker, Cpl. Harold E., 1133 N. Noble St., Okemah, Okla.
Wallace, Cpl. Howard L., Grendlyn, Mass.
Walker, Pfc. Clarence L., 1175 S. E. 78th Ave., Portland, Ore.
Watson, Pfc. Willard, Box 57, Gerty, Okla.
Wetmore, Cpl. Harold E., Box 15, Fort Cobb, Okla.
Wood, Cpl. George J., Jr., YMCA 220 Golden Gate, San Francisco, Calif.
Wiles, Pfc. Lee R., McClain Rd., Sewickley, Pa.
White, Pfc. Leo R., Rt. 2, Maple Rd., Sewickley, Pa.
Whitney, Cpl. George, Jr., 3000 Roanoke Ave., Oaklyn, N. J.
Wilbanks, Cpl. Glen E., Rt. 2, Atwood, Okla.
Wilcox, Cpl. Jack W., Rt. 2, Wetumka, Okla.
Williams, Sgt. Robert E., 230 West 15th St., Seattle, Wash.
Wolfe, Pfc. Billie, Box 213, Wetumka, Okla.
Wright, Pfc. Ewell, Rt. 1, Paden, Miss.
Wynick, Pfc. David L., 123 S. Echo, Holdenville, Okla.
Yant, Pfc. Jerry K., 715 W. Court St., Abilene, Texas
Yerby, Pfc. John J., 129 Alexander St., Sharon, Pa.
SERVICE COMPANY
Bonds, Capt. Herman C., Box 316, Allen, Okla.
Breedlove, WOJG Gulford L., 508 S. 3rd St., Okmulgee, Okla.
Fuller, Capt. Phillip J., 416 W. 5th St., McAlester, Okla.
Haley, WOJG Albert R., Box 521, Okemah, Okla.
Hall, WOJG Richard H., 125 N. 4th St., Okemah, Okla.
Hall, WOJG Thomas T., Rt. 2, Okemah, Okla.
Holsapple, 2nd Lt. James L., 125 W. Apache, Oklahoma City, Okla.
Montgomery, 1st Lt. Jewel D., Rt. 3, Okemah, Okla.
Morgan, WOJG Olin P., Box 123, Seminole, Okla.
Richie, Capt. Howard M., 1918 Swanson St., Abilene, Texas
Sivert, Capt. Ira L., 1015 N. 11th St., Okemah, Okla.
Sutterfield, WOJG James D., Box 46, Okemah, Okla.
Adams, Pfc. John C., Jr., 59 Shamrock, Texas
Alexander, Sgt. Louis, Asher, Okla.
Anderson, Sgt. Gordon R., 1207 W. Lexington Ave., Elkhart, Ind.
Archer, Sgt. Aubrey, Tupelo, Okla.
Ayers, Cpl. Delbert L., Rt. 4, Shawnee, Okla.
Baker, Cpl. James R., Rt. 1, Okemah, Okla.
Barber, Pfc. John B., 107 Hooker St., Jacksonville, Ill.
Barrett, Sgt. Amos C., Rt. 2, Okemah, Okla.
Barrett, Pfc. John W., Erwin, Tenn.
Barth, Pfc. Arthur J., Nekoosa, Wis.
Bauer, Cpl. Vernon R., Rt. 1, Okemah, Okla.
Bayinger, Cpl. Troy L., Rt. 1, McLoud, Okla.
Bendall, Pfc. Jimmy D., Rt. 2, Okemah, Okla.
Benick, Pfc. Nicholas, Lorrance, Texas
Beyer, Pfc. Oscar C., Adell, Wis.
Blodgett, Pfc. Ronald J., Renton, Mass.
Booth, Pvt. William C., Tabor City, N. C.
Butkiewicz, Pvt. Casimer W., 4310 Jonathon St., Dearborn, Mich.
Carey, Pfc. Clarice E., 866 N. 14th St., Manitowoc, Wis.
Carpenter, Cpl. Joseph L., Rt. 3, Okemah, Okla.
Carroll, Sgt. Thomas M., Jr., 425 South Sth St., Okemah, Okla.
Chisum, Cpl. Harold D., 301 N. Union, Shawnee, Okla.
Christmon, Pfc. Harman J., Webster, Wis.
Clark, Cpl. Dennis L., 2413 Live Oak St., St. Angelo, Texas
Clay, Sfc. Glenn L., 313 1/2 South 5th St., Okemah, Okla.
Coleman, Sgt. Kinney E., 205 South 9th St., Okemah, Okla.
Coots, Cpl. Earl R., Rt. 2, Sheboygan Falls, Wis.
Doemer, Pfc. Charles R., Mounted, Rt. 42, Kelso Dr., Erie, Pa.
Dorsey, Cpl. Dean E., New Prairie, Ind.
Dubach, Pfc. Elmer E., Rt. 1, Calvin, Okla.
Duest, Pfc. Joseph A., Daggett, Mich.
Duenze, Cpl. Frederick W., 4433 N. 46th St., Milwaukee, Wis.
Duncan, Cpl. Homer L., Rt. 1, Box 224, Okemah, Okla.
Earles, Pfc. Jack, 1207 W. 11th St., Okemah, Okla.
Earnest, Sgt. Leon J., 201 N. 4th St., Okemah, Okla.
Eary, M/Sgt. Lowden, Okemah, Okla.
Eary, Cpl. Loy W., P. O. Box 241, Okemah, Okla.
Ehmann, Pfc. Howard L., Long Lane, Wis.
Ellerts, Cpl. Murle W., 521 North 5th St., Okemah, Okla.
Everett, Pfc. Harvey W., Jr., Jasper, Texas
Garrett, Pfc. C. J., Jr., Rt. 1, Okemah, Okla.
Gochett, Pvt. William D., 1224 Adams St., LaCrosse, Wis.
Goin, Cpl. Howard R., 4065 South Blvd., Potomac, Okla.
Gonzales, Pfc. Fermin C., Rt. 1, Hancock, Wis.
Gregg, Cpl. William R., 233 South Main St., Broken Arrow, Okla.
Gray, Pfc. James E., Okemah, Okla.
Green, M/Sgt. Joe R., Rt. 4, Okemah, Okla.
Greef, Pfc. Lester A., 710 McColm St., Plymouth, Wis.
Groves, Cpl. Donald B., Rt. 3, Okemah, Okla.
Harris, Pfc. Robert O., Rt. 3, Okemah, Okla.
Haraway, Cpl. Jacquelin G., Rt. 1, Atoka, Okla.
Harnden, Pfc. Orren J., 6110 Lenox, Detroit, Mich.
Harris, Pfc. William K., Rt. 2, Okemah, Okla.
Hartzell, M/Sgt. Alva G., Okemah, Okla.
Hartzell, Sgt. Dolphin R., 201 North 8th St., Okemah, Okla.
Havrilesak, Pfc. Nicholas A., 4009 Green Springs Ave., West Mifflin, Pa.
Hawkins, Pfc. William G., 2nd Cance St., Greenville, S. C.
Heintz, Pfc. Leo J., Rt. 1, Box 144, Cashton, Wis.
Hendon, Cpl. Gerald D., Box 676, Prague, Okla.
Hildenbrant, Cpl. James R., Parsons, Tenn.
Hiley, Pfc. Carl J., Barnett, Wis.
Holden, Pfc. Eugene E., Cane Hill, Ark.
Hook, Cpl. Donald R., Okemah, Okla.
Huebner, Pfc. Edward L., Buffalo Gap, S. D.
Hutcheson, Sfc. Lloyd N., Okemah, Okla.
Hyatt, Sgt. T. Ogden, Del., Okemah, Okla.
Jackson, Cpl. Roger B., Rt. 3, Okemah, Okla.
Jared, Pfc. Teddy L., P. O. Box 315, Okemah, Okla.
Jarzembski, Pfc. Edmund N., 12000 Whitcomb St., Detroit 27, Mich.
